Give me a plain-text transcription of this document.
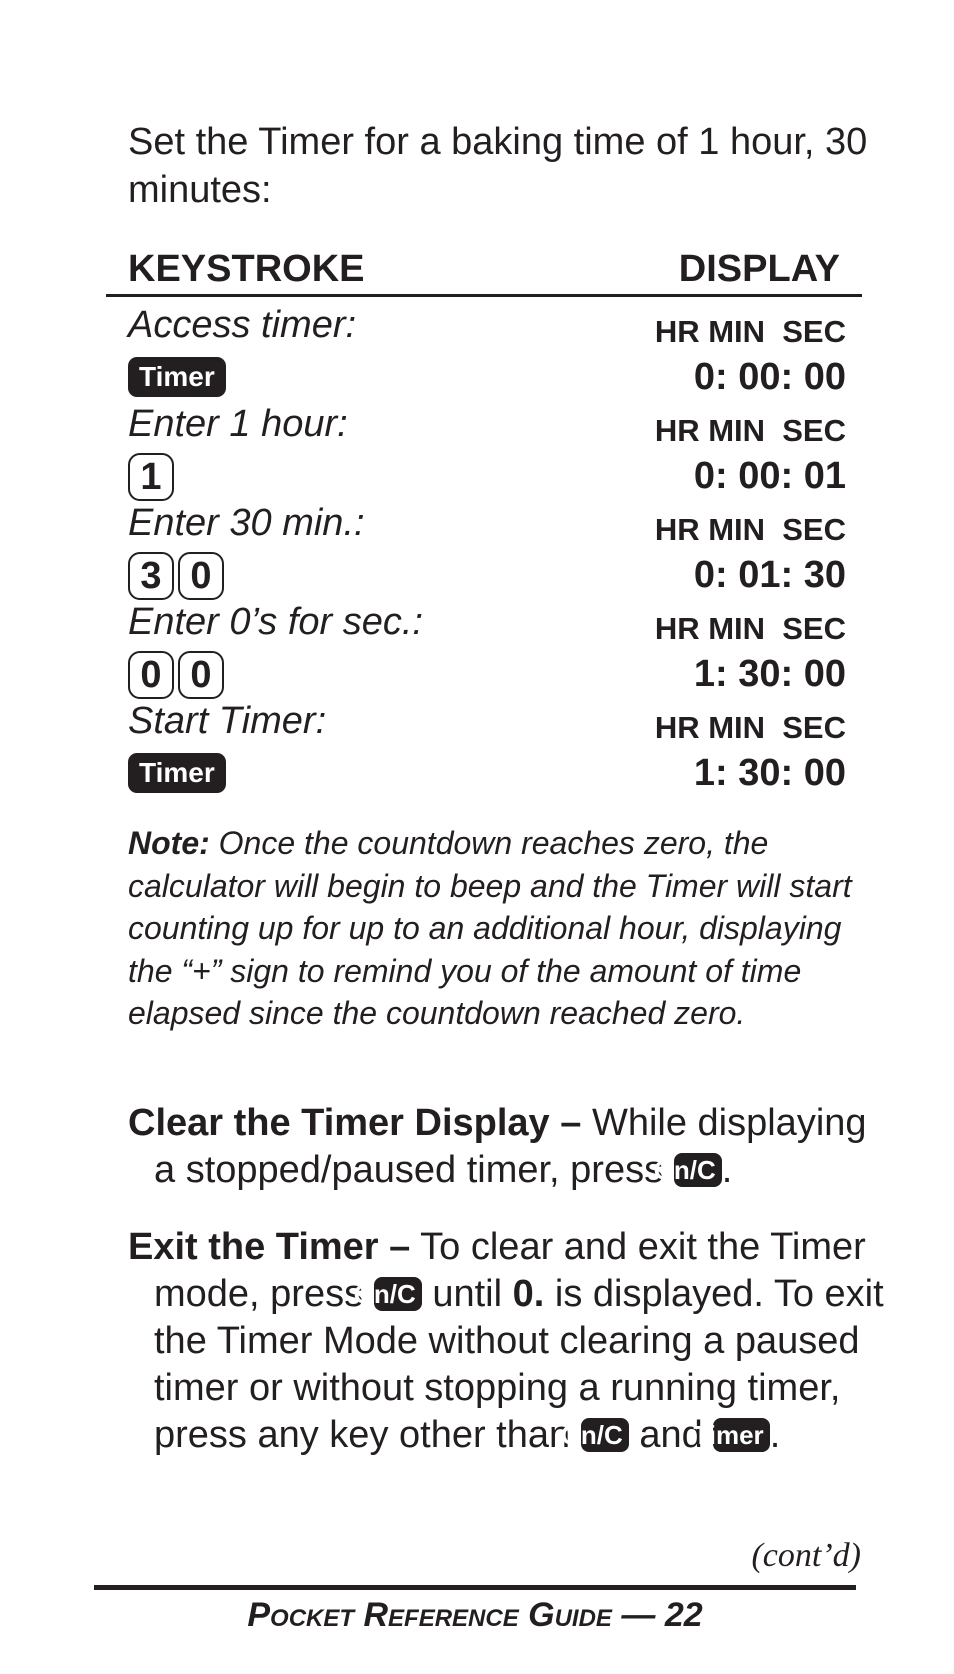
Set the Timer for a baking time of 1 hour, 30 minutes:

KEYSTROKE	DISPLAY
Access timer:
Timer
HR MIN  SEC
0: 00: 00
Enter 1 hour:
1
HR MIN  SEC
0: 00: 01
Enter 30 min.:
3 0
HR MIN  SEC
0: 01: 30
Enter 0’s for sec.:
0 0
HR MIN  SEC
1: 30: 00
Start Timer:
Timer
HR MIN  SEC
1: 30: 00

Note: Once the countdown reaches zero, the calculator will begin to beep and the Timer will start counting up for up to an additional hour, displaying the “+” sign to remind you of the amount of time elapsed since the countdown reached zero.

Clear the Timer Display – While displaying a stopped/paused timer, press On/C .

Exit the Timer – To clear and exit the Timer mode, press On/C until 0. is displayed. To exit the Timer Mode without clearing a paused timer or without stopping a running timer, press any key other than On/C and Timer .

(cont’d)
Pocket Reference Guide — 22
